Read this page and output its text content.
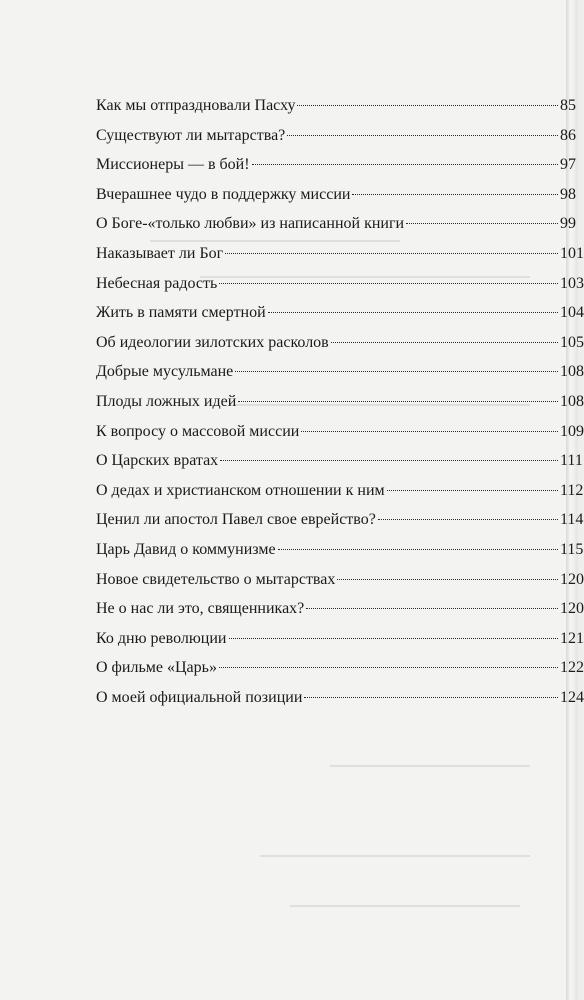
Как мы отпраздновали Пасху	85
Существуют ли мытарства?	86
Миссионеры — в бой!	97
Вчерашнее чудо в поддержку миссии	98
О Боге-«только любви» из написанной книги	99
Наказывает ли Бог	101
Небесная радость	103
Жить в памяти смертной	104
Об идеологии зилотских расколов	105
Добрые мусульмане	108
Плоды ложных идей	108
К вопросу о массовой миссии	109
О Царских вратах	111
О дедах и христианском отношении к ним	112
Ценил ли апостол Павел свое еврейство?	114
Царь Давид о коммунизме	115
Новое свидетельство о мытарствах	120
Не о нас ли это, священниках?	120
Ко дню революции	121
О фильме «Царь»	122
О моей официальной позиции	124
